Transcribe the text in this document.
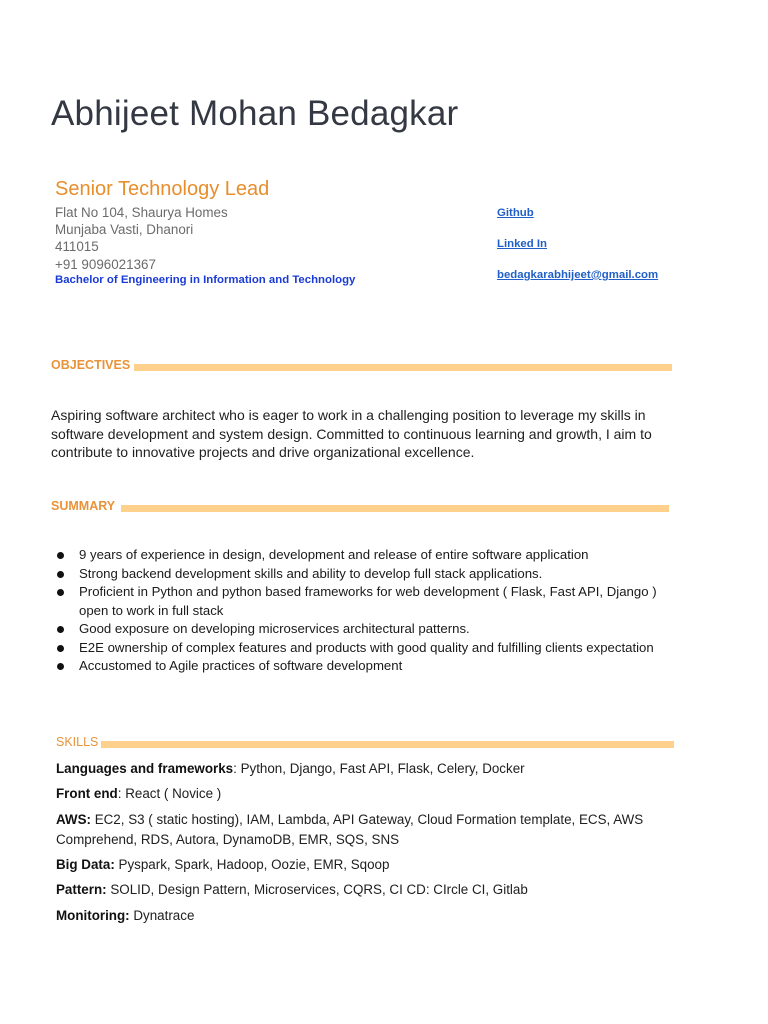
Abhijeet Mohan Bedagkar
Senior Technology Lead
Flat No 104, Shaurya Homes
Munjaba Vasti, Dhanori
411015
+91 9096021367
Bachelor of Engineering in Information and Technology
Github
Linked In
bedagkarabhijeet@gmail.com
OBJECTIVES
Aspiring software architect who is eager to work in a challenging position to leverage my skills in software development and system design. Committed to continuous learning and growth, I aim to contribute to innovative projects and drive organizational excellence.
SUMMARY
9 years of experience in design, development and release of entire software application
Strong backend development skills and ability to develop full stack applications.
Proficient in Python and python based frameworks for web development ( Flask, Fast API, Django ) open to work in full stack
Good exposure on developing microservices architectural patterns.
E2E ownership of complex features and products with good quality and fulfilling clients expectation
Accustomed to Agile practices of software development
SKILLS
Languages and frameworks: Python, Django, Fast API, Flask, Celery, Docker
Front end: React ( Novice )
AWS: EC2, S3 ( static hosting), IAM, Lambda, API Gateway, Cloud Formation template, ECS, AWS Comprehend, RDS, Autora, DynamoDB, EMR, SQS, SNS
Big Data: Pyspark, Spark, Hadoop, Oozie, EMR, Sqoop
Pattern: SOLID, Design Pattern, Microservices, CQRS, CI CD: CIrcle CI, Gitlab
Monitoring: Dynatrace
